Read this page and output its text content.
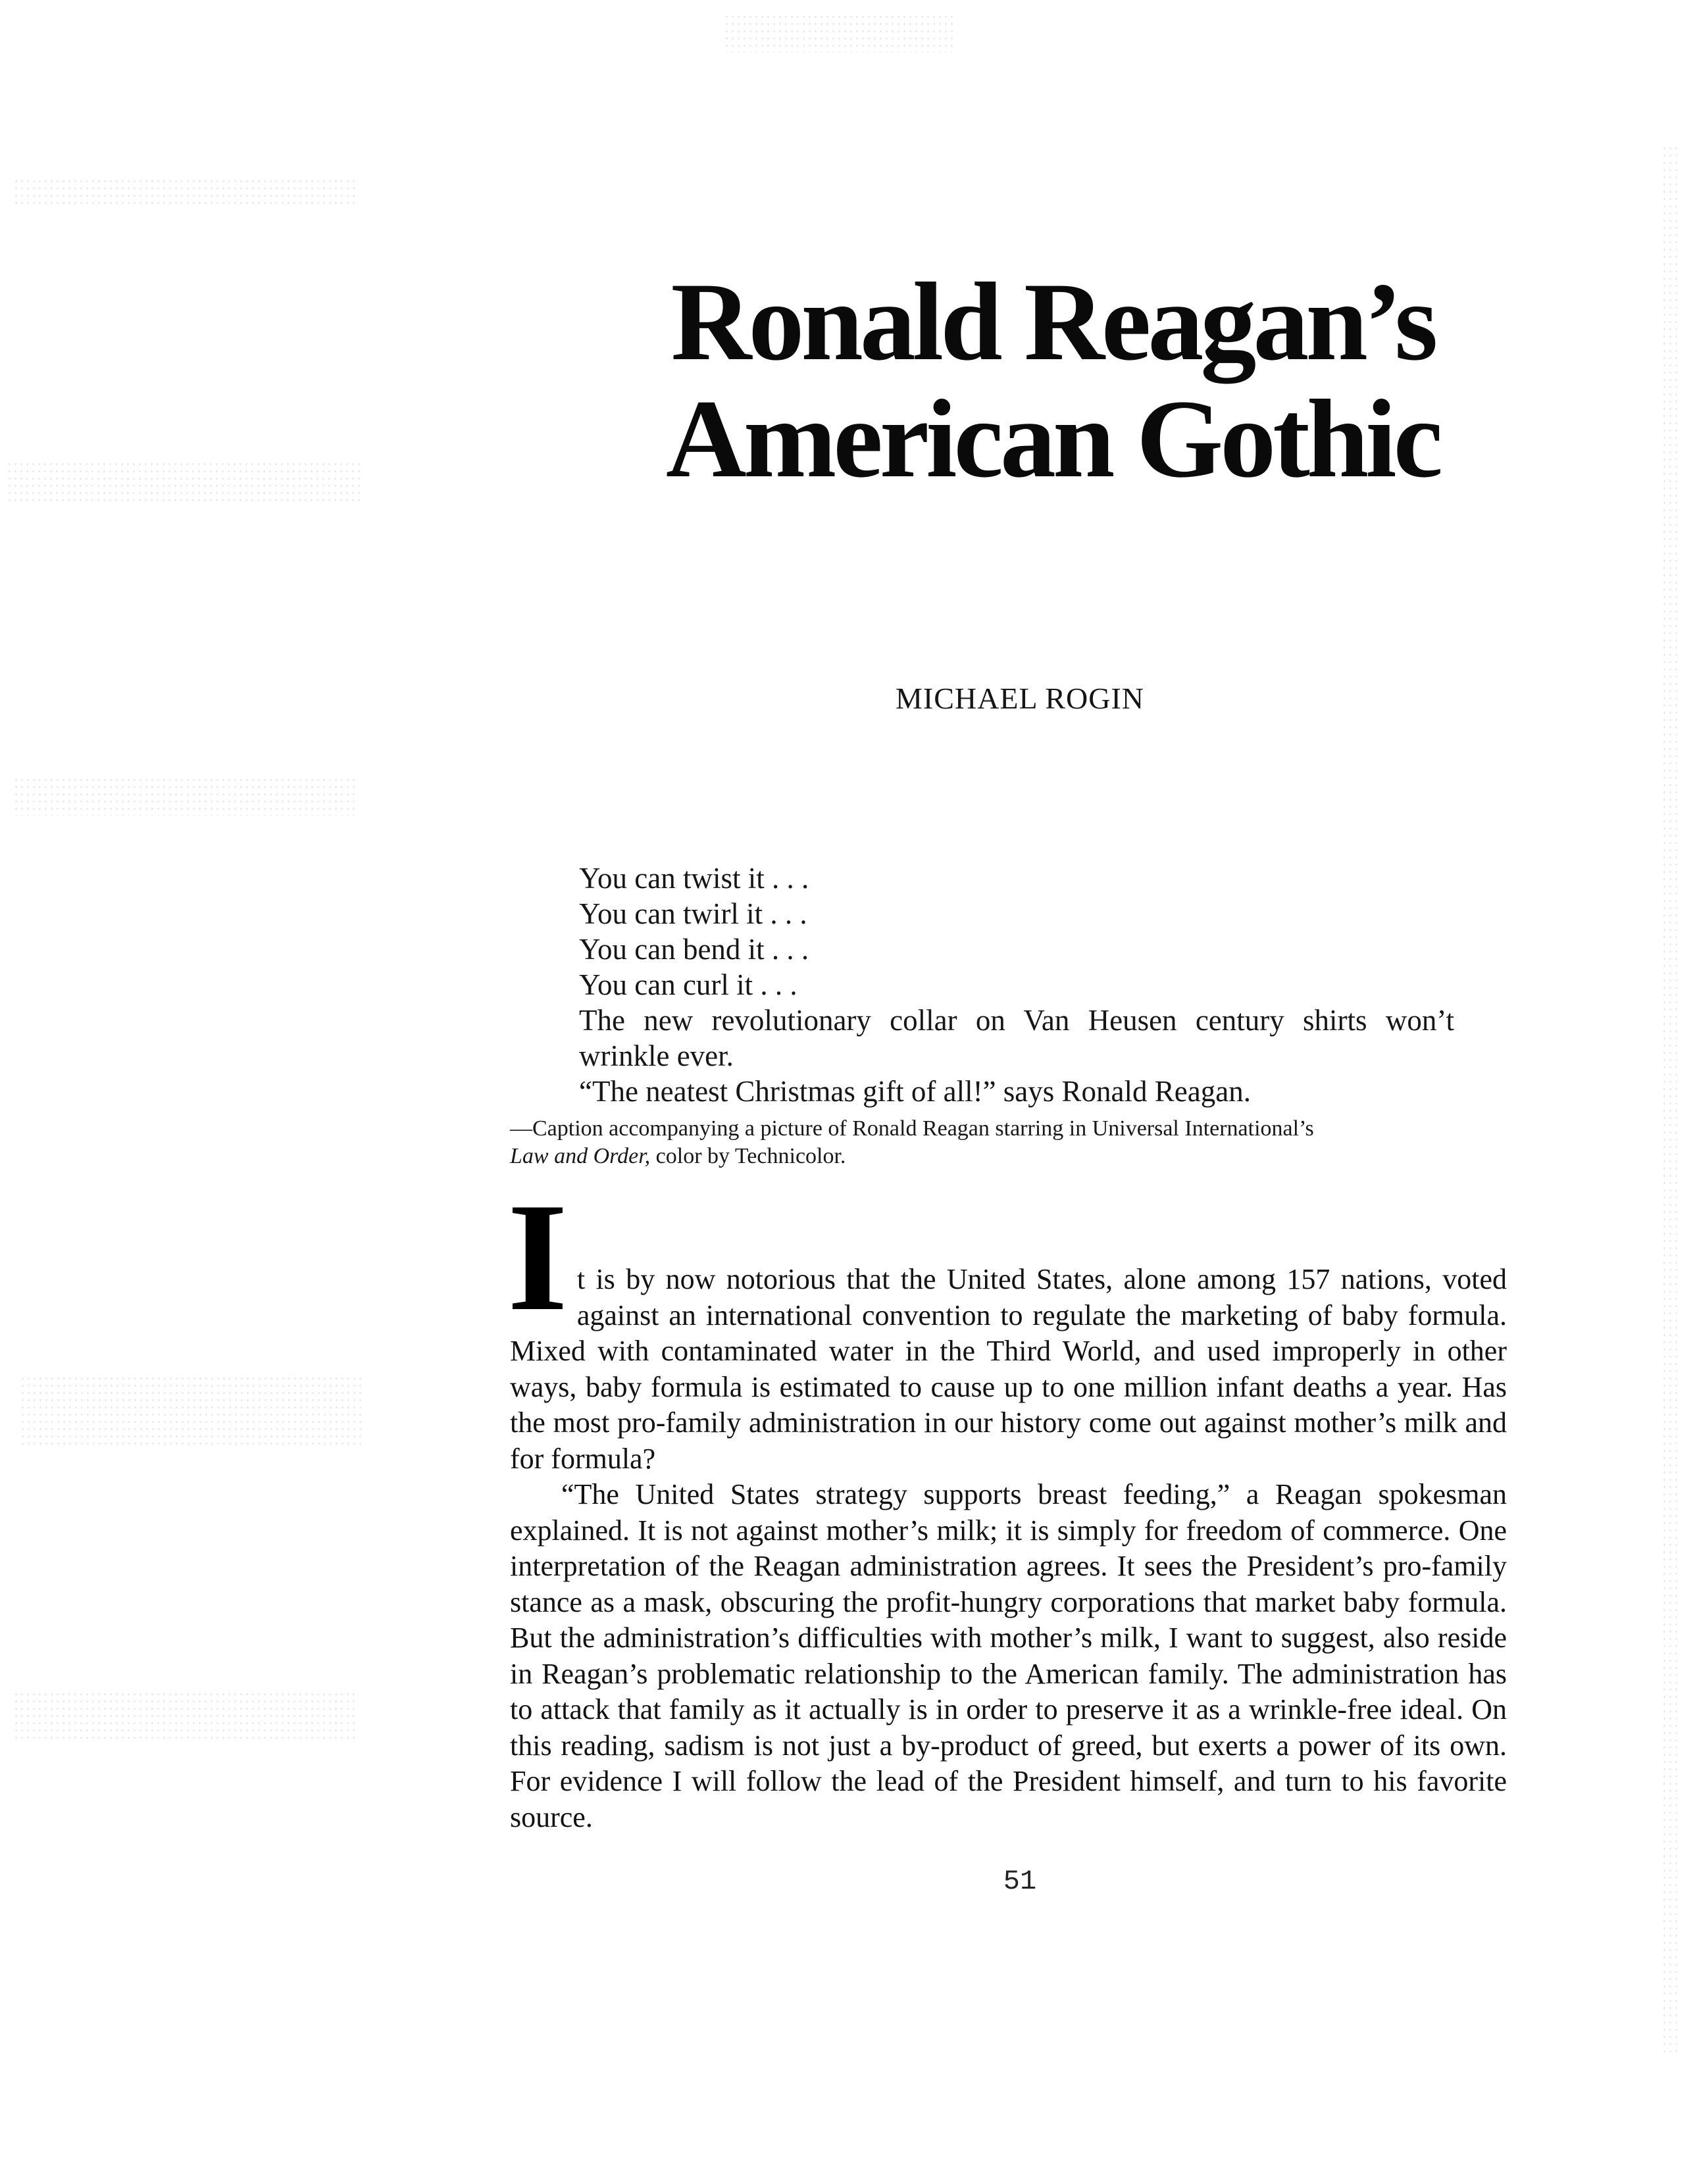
Ronald Reagan’s
American Gothic
MICHAEL ROGIN
You can twist it . . .
You can twirl it . . .
You can bend it . . .
You can curl it . . .
The new revolutionary collar on Van Heusen century shirts won’t
wrinkle ever.
“The neatest Christmas gift of all!” says Ronald Reagan.
—Caption accompanying a picture of Ronald Reagan starring in Universal International’s
Law and Order, color by Technicolor.
I t is by now notorious that the United States, alone among 157 nations, voted against an international convention to regulate the marketing of baby formula. Mixed with contaminated water in the Third World, and used improperly in other ways, baby formula is estimated to cause up to one million infant deaths a year. Has the most pro-family administration in our history come out against mother’s milk and for formula?

“The United States strategy supports breast feeding,” a Reagan spokesman explained. It is not against mother’s milk; it is simply for freedom of commerce. One interpretation of the Reagan administration agrees. It sees the President’s pro-family stance as a mask, obscuring the profit-hungry corporations that market baby formula. But the administration’s difficulties with mother’s milk, I want to suggest, also reside in Reagan’s problematic relationship to the American family. The administration has to attack that family as it actually is in order to preserve it as a wrinkle-free ideal. On this reading, sadism is not just a by-product of greed, but exerts a power of its own. For evidence I will follow the lead of the President himself, and turn to his favorite source.

51
